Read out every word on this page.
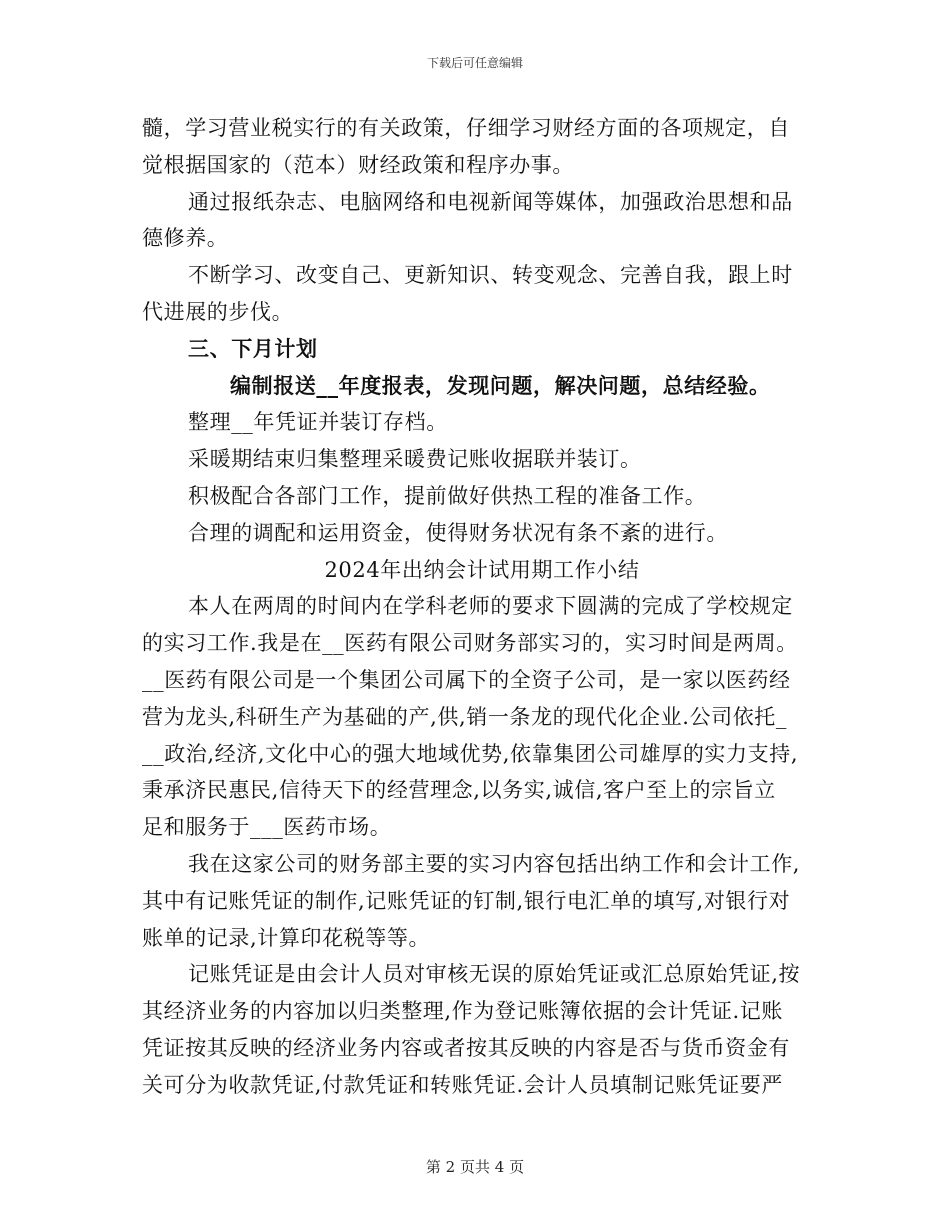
下载后可任意编辑
髓，学习营业税实行的有关政策，仔细学习财经方面的各项规定，自
觉根据国家的（范本）财经政策和程序办事。
通过报纸杂志、电脑网络和电视新闻等媒体，加强政治思想和品
德修养。
不断学习、改变自己、更新知识、转变观念、完善自我，跟上时
代进展的步伐。
三、下月计划
编制报送__年度报表，发现问题，解决问题，总结经验。
整理__年凭证并装订存档。
采暖期结束归集整理采暖费记账收据联并装订。
积极配合各部门工作，提前做好供热工程的准备工作。
合理的调配和运用资金，使得财务状况有条不紊的进行。
2024年出纳会计试用期工作小结
本人在两周的时间内在学科老师的要求下圆满的完成了学校规定
的实习工作.我是在__医药有限公司财务部实习的，实习时间是两周。
__医药有限公司是一个集团公司属下的全资子公司，是一家以医药经
营为龙头,科研生产为基础的产,供,销一条龙的现代化企业.公司依托_
__政治,经济,文化中心的强大地域优势,依靠集团公司雄厚的实力支持,
秉承济民惠民,信待天下的经营理念,以务实,诚信,客户至上的宗旨立
足和服务于___医药市场。
我在这家公司的财务部主要的实习内容包括出纳工作和会计工作,
其中有记账凭证的制作,记账凭证的钉制,银行电汇单的填写,对银行对
账单的记录,计算印花税等等。
记账凭证是由会计人员对审核无误的原始凭证或汇总原始凭证,按
其经济业务的内容加以归类整理,作为登记账簿依据的会计凭证.记账
凭证按其反映的经济业务内容或者按其反映的内容是否与货币资金有
关可分为收款凭证,付款凭证和转账凭证.会计人员填制记账凭证要严
第 2 页共 4 页
